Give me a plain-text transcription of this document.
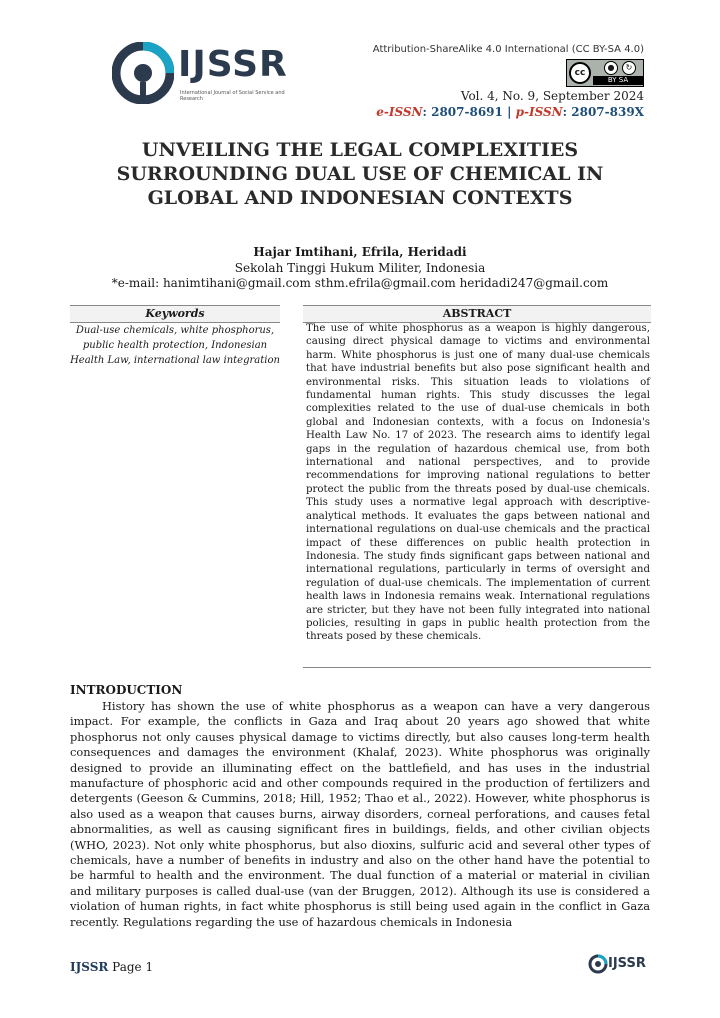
IJSSR
International Journal of Social Service and Research
Attribution-ShareAlike 4.0 International (CC BY-SA 4.0)
cc
●	↻
BY SA
Vol. 4, No. 9, September 2024
e-ISSN: 2807-8691 | p-ISSN: 2807-839X
UNVEILING THE LEGAL COMPLEXITIES SURROUNDING DUAL USE OF CHEMICAL IN GLOBAL AND INDONESIAN CONTEXTS
Hajar Imtihani, Efrila, Heridadi
Sekolah Tinggi Hukum Militer, Indonesia
*e-mail: hanimtihani@gmail.com sthm.efrila@gmail.com heridadi247@gmail.com
Keywords
Dual-use chemicals, white phosphorus, public health protection, Indonesian Health Law, international law integration
ABSTRACT
The use of white phosphorus as a weapon is highly dangerous, causing direct physical damage to victims and environmental harm. White phosphorus is just one of many dual-use chemicals that have industrial benefits but also pose significant health and environmental risks. This situation leads to violations of fundamental human rights. This study discusses the legal complexities related to the use of dual-use chemicals in both global and Indonesian contexts, with a focus on Indonesia's Health Law No. 17 of 2023. The research aims to identify legal gaps in the regulation of hazardous chemical use, from both international and national perspectives, and to provide recommendations for improving national regulations to better protect the public from the threats posed by dual-use chemicals. This study uses a normative legal approach with descriptive-analytical methods. It evaluates the gaps between national and international regulations on dual-use chemicals and the practical impact of these differences on public health protection in Indonesia. The study finds significant gaps between national and international regulations, particularly in terms of oversight and regulation of dual-use chemicals. The implementation of current health laws in Indonesia remains weak. International regulations are stricter, but they have not been fully integrated into national policies, resulting in gaps in public health protection from the threats posed by these chemicals.
INTRODUCTION
History has shown the use of white phosphorus as a weapon can have a very dangerous impact. For example, the conflicts in Gaza and Iraq about 20 years ago showed that white phosphorus not only causes physical damage to victims directly, but also causes long-term health consequences and damages the environment (Khalaf, 2023). White phosphorus was originally designed to provide an illuminating effect on the battlefield, and has uses in the industrial manufacture of phosphoric acid and other compounds required in the production of fertilizers and detergents (Geeson & Cummins, 2018; Hill, 1952; Thao et al., 2022). However, white phosphorus is also used as a weapon that causes burns, airway disorders, corneal perforations, and causes fetal abnormalities, as well as causing significant fires in buildings, fields, and other civilian objects (WHO, 2023). Not only white phosphorus, but also dioxins, sulfuric acid and several other types of chemicals, have a number of benefits in industry and also on the other hand have the potential to be harmful to health and the environment. The dual function of a material or material in civilian and military purposes is called dual-use (van der Bruggen, 2012). Although its use is considered a violation of human rights, in fact white phosphorus is still being used again in the conflict in Gaza recently. Regulations regarding the use of hazardous chemicals in Indonesia
IJSSR Page 1	IJSSR
